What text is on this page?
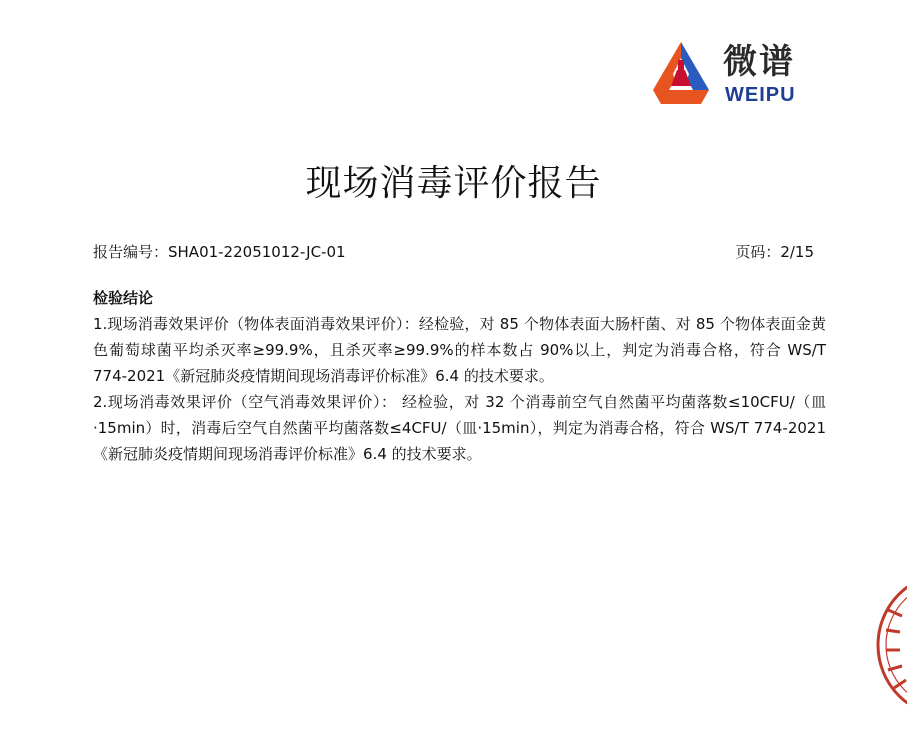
微谱
WEIPU
现场消毒评价报告
报告编号：SHA01-22051012-JC-01	页码：2/15

检验结论

1.现场消毒效果评价（物体表面消毒效果评价）：经检验，对 85 个物体表面大肠杆菌、对 85 个物体表面金黄色葡萄球菌平均杀灭率≥99.9%，且杀灭率≥99.9%的样本数占 90%以上，判定为消毒合格，符合 WS/T 774-2021《新冠肺炎疫情期间现场消毒评价标准》6.4 的技术要求。

2.现场消毒效果评价（空气消毒效果评价）： 经检验，对 32 个消毒前空气自然菌平均菌落数≤10CFU/（皿·15min）时，消毒后空气自然菌平均菌落数≤4CFU/（皿·15min），判定为消毒合格，符合 WS/T 774-2021《新冠肺炎疫情期间现场消毒评价标准》6.4 的技术要求。
